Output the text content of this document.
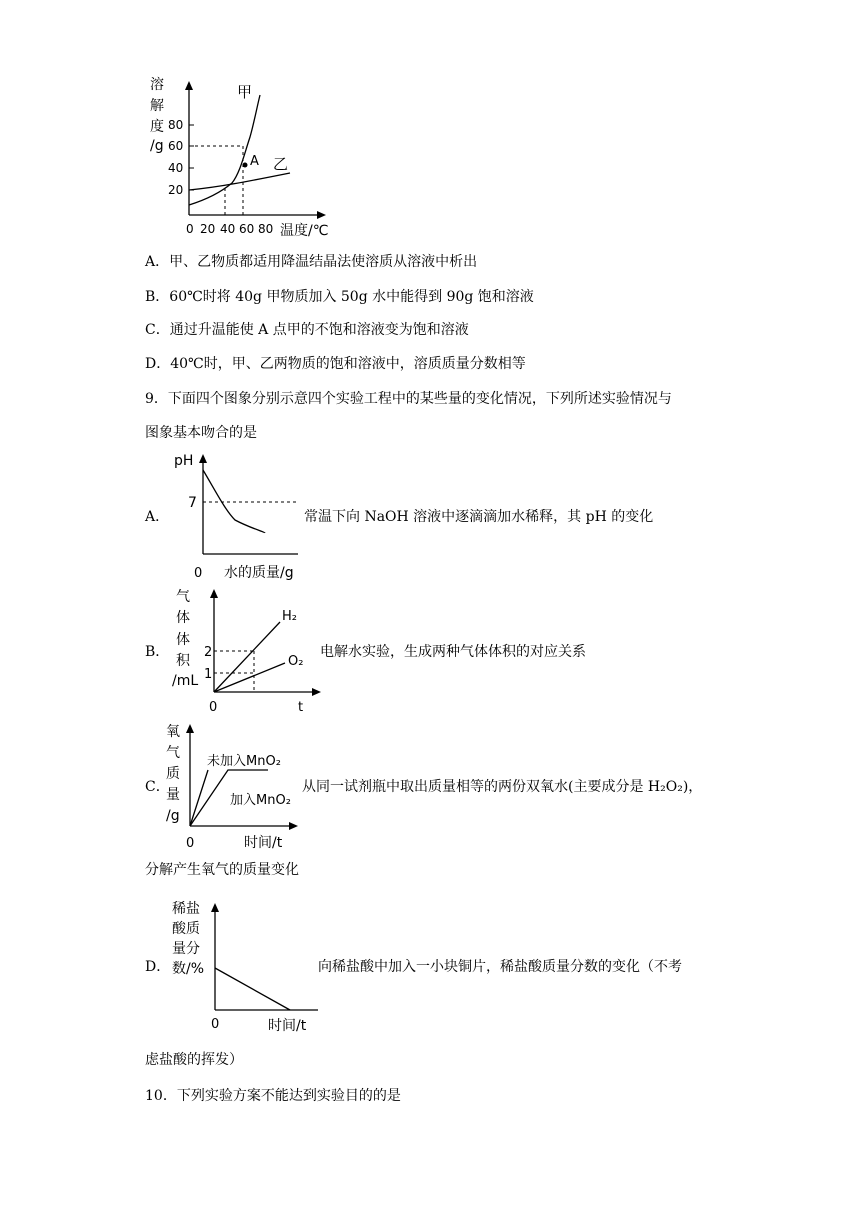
溶
解
度
/g
80
60
40
20
0 20 40 60 80 温度/℃
A
甲
乙
A．甲、乙物质都适用降温结晶法使溶质从溶液中析出
B．60℃时将 40g 甲物质加入 50g 水中能得到 90g 饱和溶液
C．通过升温能使 A 点甲的不饱和溶液变为饱和溶液
D．40℃时，甲、乙两物质的饱和溶液中，溶质质量分数相等
9．下面四个图象分别示意四个实验工程中的某些量的变化情况，下列所述实验情况与
图象基本吻合的是
A．
pH
7
0 水的质量/g
常温下向 NaOH 溶液中逐滴滴加水稀释，其 pH 的变化
B．
气
体
体
积
/mL
2
1
H₂
O₂
0	t
电解水实验，生成两种气体体积的对应关系
C．
氧
气
质
量
/g
未加入MnO₂
加入MnO₂
0	时间/t
从同一试剂瓶中取出质量相等的两份双氧水(主要成分是 H₂O₂)，
分解产生氧气的质量变化
D．
稀盐
酸质
量分
数/%
0	时间/t
向稀盐酸中加入一小块铜片，稀盐酸质量分数的变化（不考
虑盐酸的挥发）
10．下列实验方案不能达到实验目的的是
